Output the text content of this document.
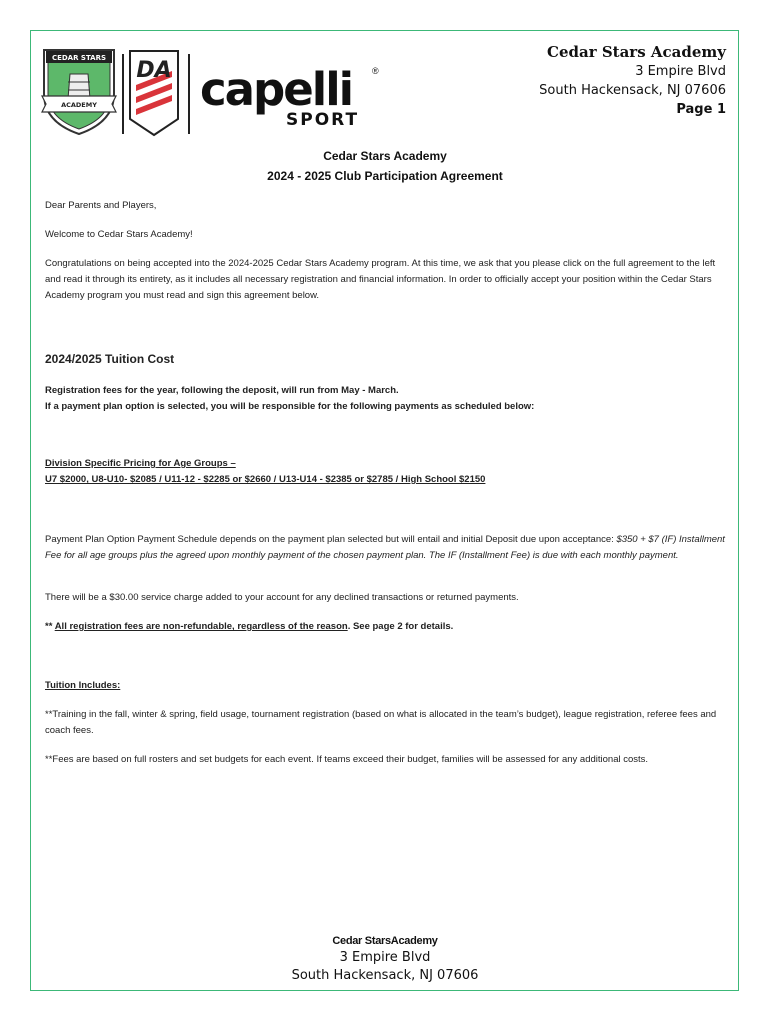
CEDAR STARS
ACADEMY
DA capelli ®
SPORT
Cedar Stars Academy
3 Empire Blvd
South Hackensack, NJ 07606
Page 1
Cedar Stars Academy
2024 - 2025 Club Participation Agreement
Dear Parents and Players,
Welcome to Cedar Stars Academy!
Congratulations on being accepted into the 2024-2025 Cedar Stars Academy program. At this time, we ask that you please click on the full agreement to the left and read it through its entirety, as it includes all necessary registration and financial information. In order to officially accept your position within the Cedar Stars Academy program you must read and sign this agreement below.
2024/2025 Tuition Cost
Registration fees for the year, following the deposit, will run from May - March.
If a payment plan option is selected, you will be responsible for the following payments as scheduled below:
Division Specific Pricing for Age Groups –
U7 $2000, U8-U10- $2085 / U11-12 - $2285 or $2660 / U13-U14 - $2385 or $2785 / High School $2150
Payment Plan Option Payment Schedule depends on the payment plan selected but will entail and initial Deposit due upon acceptance: $350 + $7 (IF) Installment Fee for all age groups plus the agreed upon monthly payment of the chosen payment plan. The IF (Installment Fee) is due with each monthly payment.
There will be a $30.00 service charge added to your account for any declined transactions or returned payments.
** All registration fees are non-refundable, regardless of the reason. See page 2 for details.
Tuition Includes:
**Training in the fall, winter & spring, field usage, tournament registration (based on what is allocated in the team’s budget), league registration, referee fees and coach fees.
**Fees are based on full rosters and set budgets for each event. If teams exceed their budget, families will be assessed for any additional costs.
Cedar StarsAcademy
3 Empire Blvd
South Hackensack, NJ 07606
